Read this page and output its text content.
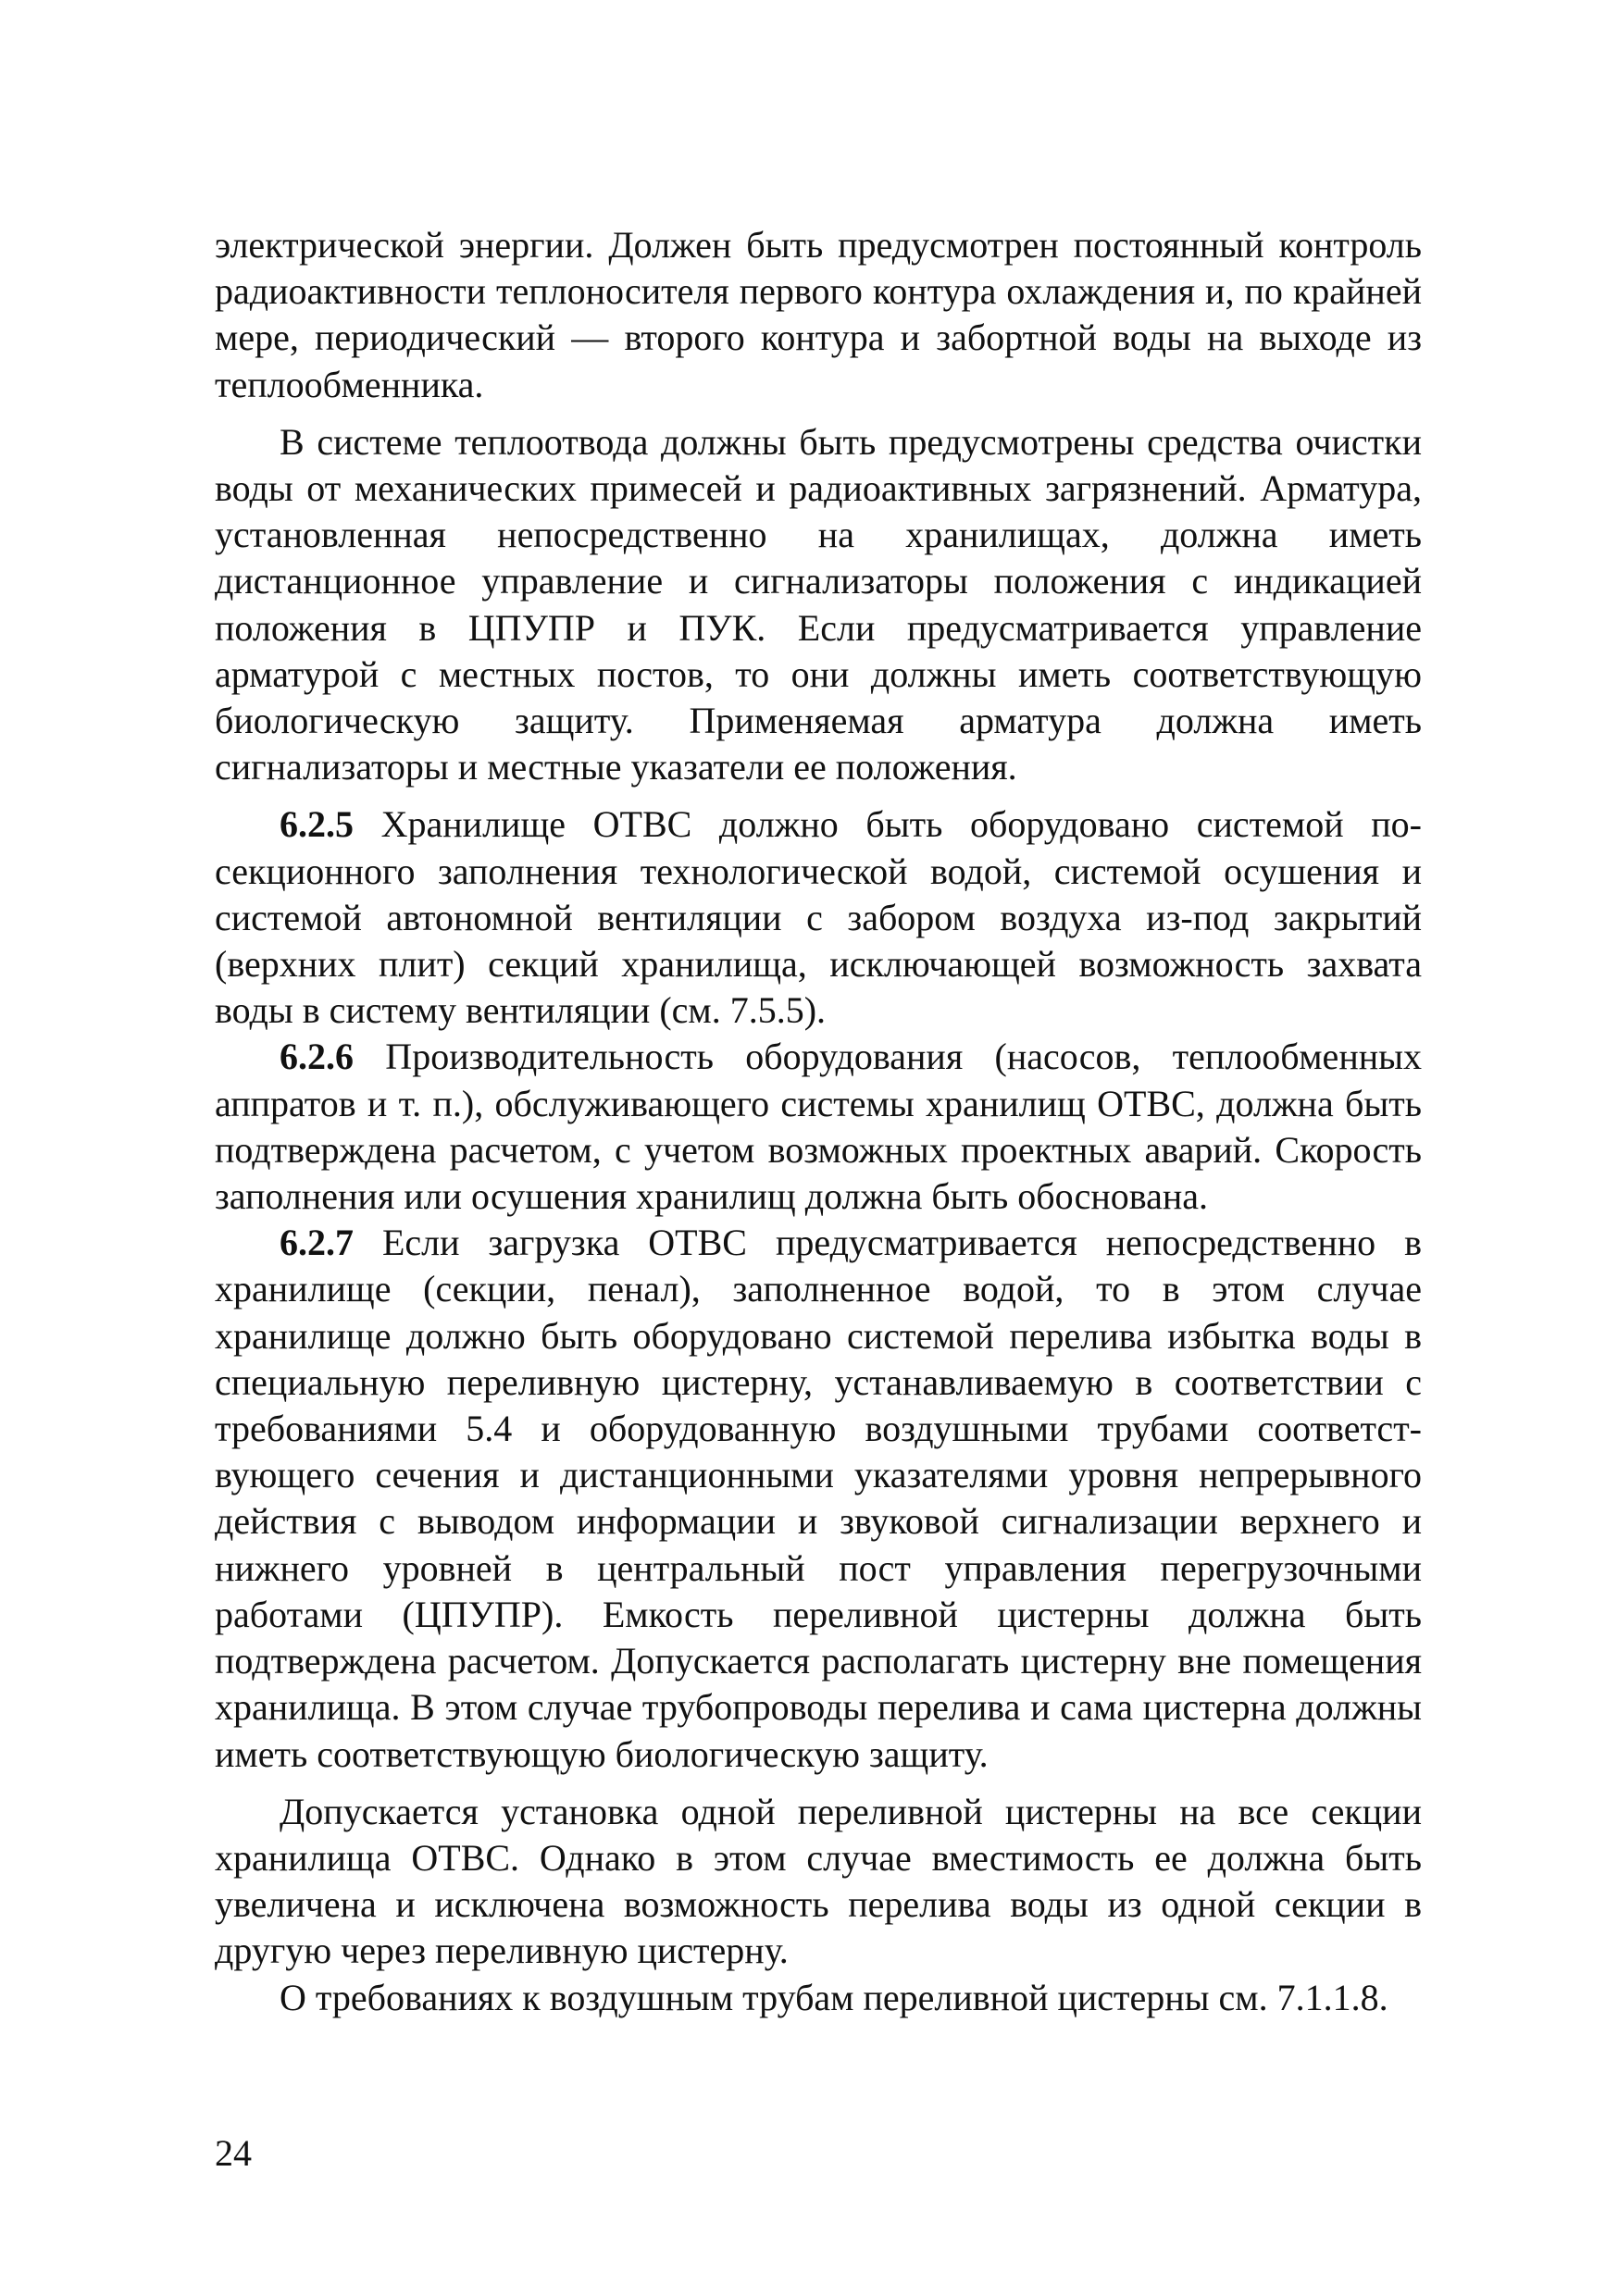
электрической энергии. Должен быть предусмотрен постоянный контроль радиоактивности теплоносителя первого контура охлаждения и, по крайней мере, периодический — второго контура и забортной воды на выходе из теплообменника.

В системе теплоотвода должны быть предусмотрены средства очистки воды от механических примесей и радиоактивных загрязнений. Арматура, установленная непосредственно на хранилищах, должна иметь дистанционное управление и сигнализаторы положения с индикацией положения в ЦПУПР и ПУК. Если предусматривается управление арматурой с местных постов, то они должны иметь соответствующую биологическую защиту. Применяемая арматура должна иметь сигнализаторы и местные указатели ее положения.

6.2.5 Хранилище ОТВС должно быть оборудовано системой по-секционного заполнения технологической водой, системой осушения и системой автономной вентиляции с забором воздуха из-под закрытий (верхних плит) секций хранилища, исключающей возможность захвата воды в систему вентиляции (см. 7.5.5).

6.2.6 Производительность оборудования (насосов, теплообменных аппратов и т. п.), обслуживающего системы хранилищ ОТВС, должна быть подтверждена расчетом, с учетом возможных проектных аварий. Скорость заполнения или осушения хранилищ должна быть обоснована.

6.2.7 Если загрузка ОТВС предусматривается непосредственно в хранилище (секции, пенал), заполненное водой, то в этом случае хранилище должно быть оборудовано системой перелива избытка воды в специальную переливную цистерну, устанавливаемую в соответствии с требованиями 5.4 и оборудованную воздушными трубами соответст-вующего сечения и дистанционными указателями уровня непрерывного действия с выводом информации и звуковой сигнализации верхнего и нижнего уровней в центральный пост управления перегрузочными работами (ЦПУПР). Емкость переливной цистерны должна быть подтверждена расчетом. Допускается располагать цистерну вне помещения хранилища. В этом случае трубопроводы перелива и сама цистерна должны иметь соответствующую биологическую защиту.

Допускается установка одной переливной цистерны на все секции хранилища ОТВС. Однако в этом случае вместимость ее должна быть увеличена и исключена возможность перелива воды из одной секции в другую через переливную цистерну.

О требованиях к воздушным трубам переливной цистерны см. 7.1.1.8.

24
